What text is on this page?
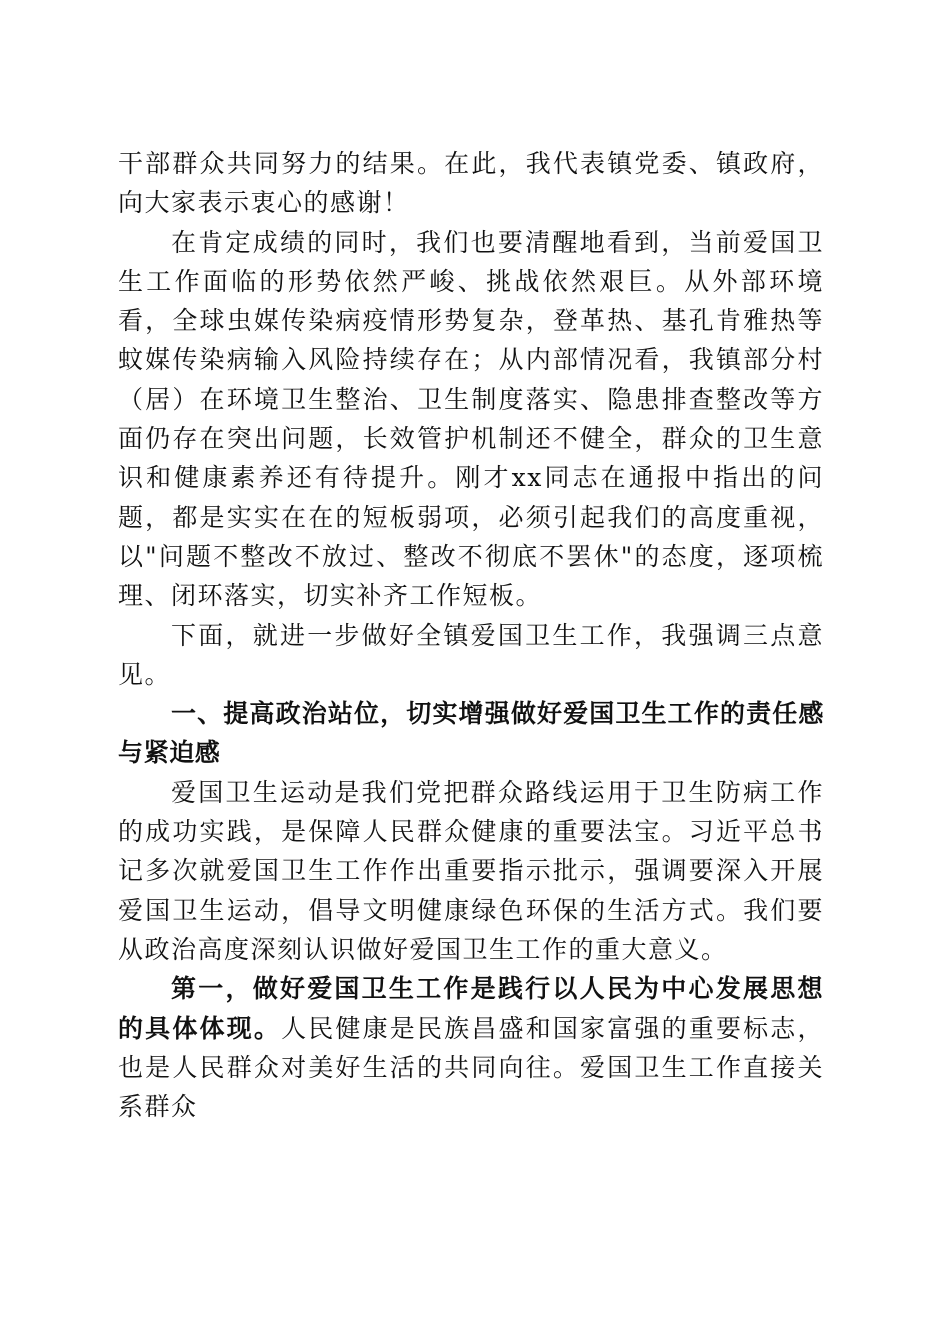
干部群众共同努力的结果。在此，我代表镇党委、镇政府，向大家表示衷心的感谢！

在肯定成绩的同时，我们也要清醒地看到，当前爱国卫生工作面临的形势依然严峻、挑战依然艰巨。从外部环境看，全球虫媒传染病疫情形势复杂，登革热、基孔肯雅热等蚊媒传染病输入风险持续存在；从内部情况看，我镇部分村（居）在环境卫生整治、卫生制度落实、隐患排查整改等方面仍存在突出问题，长效管护机制还不健全，群众的卫生意识和健康素养还有待提升。刚才xx同志在通报中指出的问题，都是实实在在的短板弱项，必须引起我们的高度重视，以"问题不整改不放过、整改不彻底不罢休"的态度，逐项梳理、闭环落实，切实补齐工作短板。

下面，就进一步做好全镇爱国卫生工作，我强调三点意见。

一、提高政治站位，切实增强做好爱国卫生工作的责任感与紧迫感

爱国卫生运动是我们党把群众路线运用于卫生防病工作的成功实践，是保障人民群众健康的重要法宝。习近平总书记多次就爱国卫生工作作出重要指示批示，强调要深入开展爱国卫生运动，倡导文明健康绿色环保的生活方式。我们要从政治高度深刻认识做好爱国卫生工作的重大意义。

第一，做好爱国卫生工作是践行以人民为中心发展思想的具体体现。人民健康是民族昌盛和国家富强的重要标志，也是人民群众对美好生活的共同向往。爱国卫生工作直接关系群众
